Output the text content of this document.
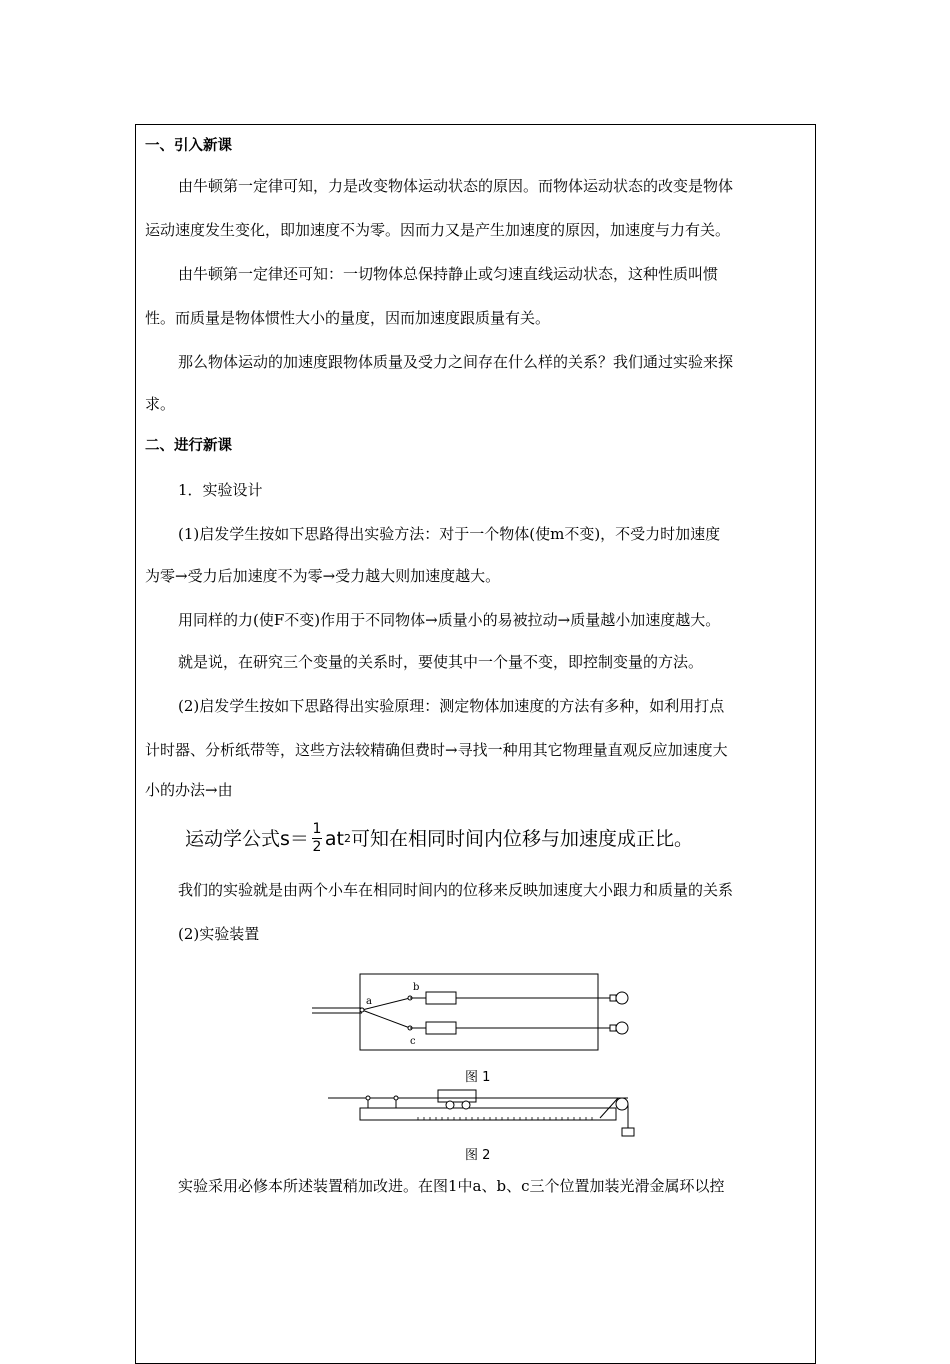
一、引入新课
由牛顿第一定律可知，力是改变物体运动状态的原因。而物体运动状态的改变是物体
运动速度发生变化，即加速度不为零。因而力又是产生加速度的原因，加速度与力有关。
由牛顿第一定律还可知：一切物体总保持静止或匀速直线运动状态，这种性质叫惯
性。而质量是物体惯性大小的量度，因而加速度跟质量有关。
那么物体运动的加速度跟物体质量及受力之间存在什么样的关系？我们通过实验来探
求。
二、进行新课
1．实验设计
(1)启发学生按如下思路得出实验方法：对于一个物体(使m不变)，不受力时加速度
为零→受力后加速度不为零→受力越大则加速度越大。
用同样的力(使F不变)作用于不同物体→质量小的易被拉动→质量越小加速度越大。
就是说，在研究三个变量的关系时，要使其中一个量不变，即控制变量的方法。
(2)启发学生按如下思路得出实验原理：测定物体加速度的方法有多种，如利用打点
计时器、分析纸带等，这些方法较精确但费时→寻找一种用其它物理量直观反应加速度大
小的办法→由
运动学公式$s= \frac{1}{2}$ at 2 可知在相同时间内位移与加速度成正比。
我们的实验就是由两个小车在相同时间内的位移来反映加速度大小跟力和质量的关系
(2)实验装置
a
b
c
图 1
图 2
实验采用必修本所述装置稍加改进。在图1中a、b、c三个位置加装光滑金属环以控
